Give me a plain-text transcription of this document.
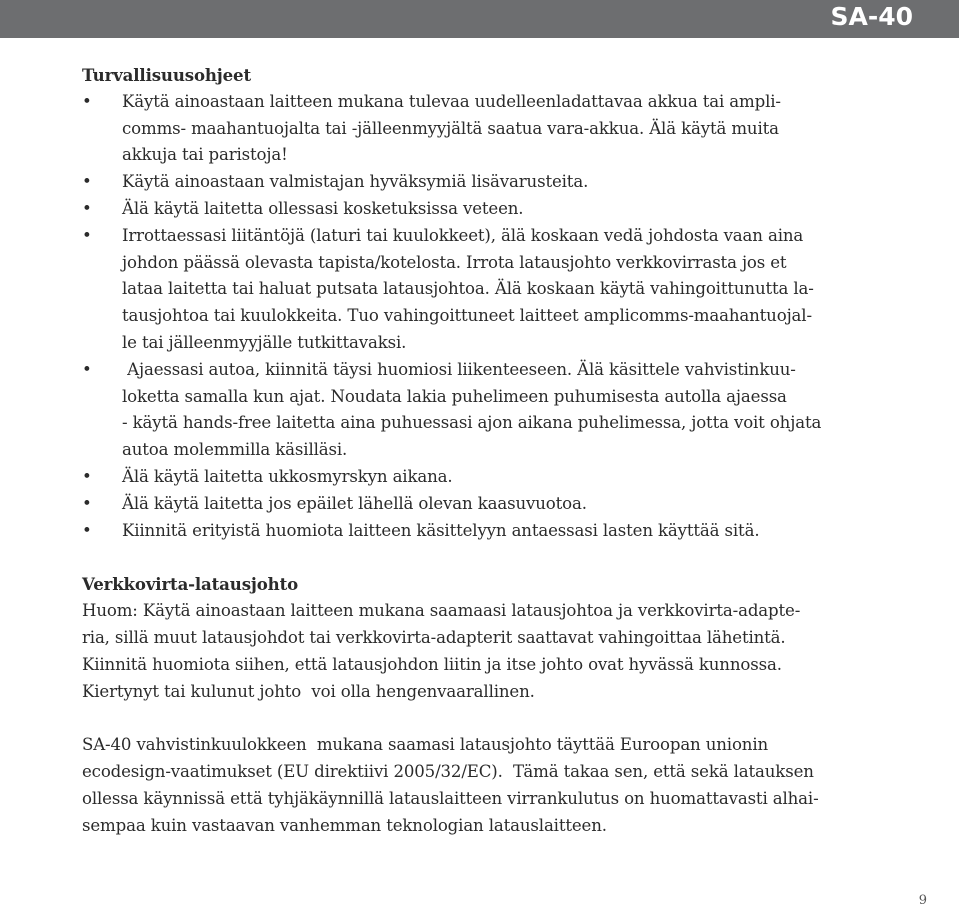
SA-40
Turvallisuusohjeet
• Käytä ainoastaan laitteen mukana tulevaa uudelleenladattavaa akkua tai ampli-
comms- maahantuojalta tai -jälleenmyyjältä saatua vara-akkua. Älä käytä muita
akkuja tai paristoja!
• Käytä ainoastaan valmistajan hyväksymiä lisävarusteita.
• Älä käytä laitetta ollessasi kosketuksissa veteen.
• Irrottaessasi liitäntöjä (laturi tai kuulokkeet), älä koskaan vedä johdosta vaan aina
johdon päässä olevasta tapista/kotelosta. Irrota latausjohto verkkovirrasta jos et
lataa laitetta tai haluat putsata latausjohtoa. Älä koskaan käytä vahingoittunutta la-
tausjohtoa tai kuulokkeita. Tuo vahingoittuneet laitteet amplicomms-maahantuojal-
le tai jälleenmyyjälle tutkittavaksi.
•  Ajaessasi autoa, kiinnitä täysi huomiosi liikenteeseen. Älä käsittele vahvistinkuu-
loketta samalla kun ajat. Noudata lakia puhelimeen puhumisesta autolla ajaessa
- käytä hands-free laitetta aina puhuessasi ajon aikana puhelimessa, jotta voit ohjata
autoa molemmilla käsilläsi.
• Älä käytä laitetta ukkosmyrskyn aikana.
• Älä käytä laitetta jos epäilet lähellä olevan kaasuvuotoa.
• Kiinnitä erityistä huomiota laitteen käsittelyyn antaessasi lasten käyttää sitä.
Verkkovirta-latausjohto

Huom: Käytä ainoastaan laitteen mukana saamaasi latausjohtoa ja verkkovirta-adapte-
ria, sillä muut latausjohdot tai verkkovirta-adapterit saattavat vahingoittaa lähetintä.
Kiinnitä huomiota siihen, että latausjohdon liitin ja itse johto ovat hyvässä kunnossa.
Kiertynyt tai kulunut johto  voi olla hengenvaarallinen.

SA-40 vahvistinkuulokkeen  mukana saamasi latausjohto täyttää Euroopan unionin
ecodesign-vaatimukset (EU direktiivi 2005/32/EC).  Tämä takaa sen, että sekä latauksen
ollessa käynnissä että tyhjäkäynnillä latauslaitteen virrankulutus on huomattavasti alhai-
sempaa kuin vastaavan vanhemman teknologian latauslaitteen.

9
